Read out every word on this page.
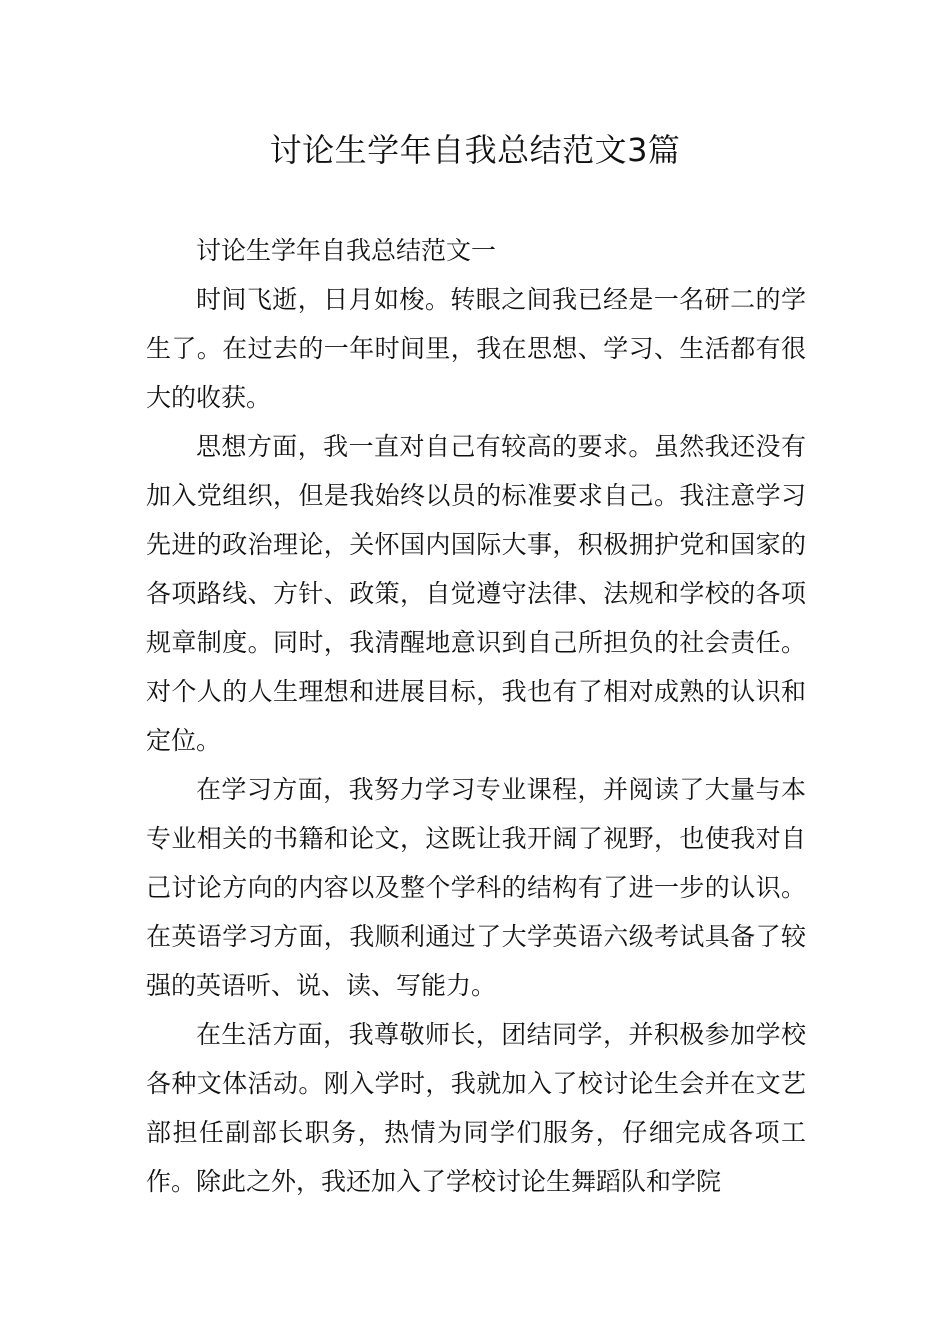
讨论生学年自我总结范文3篇

讨论生学年自我总结范文一

时间飞逝，日月如梭。转眼之间我已经是一名研二的学生了。在过去的一年时间里，我在思想、学习、生活都有很大的收获。

思想方面，我一直对自己有较高的要求。虽然我还没有加入党组织，但是我始终以员的标准要求自己。我注意学习先进的政治理论，关怀国内国际大事，积极拥护党和国家的各项路线、方针、政策，自觉遵守法律、法规和学校的各项规章制度。同时，我清醒地意识到自己所担负的社会责任。对个人的人生理想和进展目标，我也有了相对成熟的认识和定位。

在学习方面，我努力学习专业课程，并阅读了大量与本专业相关的书籍和论文，这既让我开阔了视野，也使我对自己讨论方向的内容以及整个学科的结构有了进一步的认识。在英语学习方面，我顺利通过了大学英语六级考试具备了较强的英语听、说、读、写能力。

在生活方面，我尊敬师长，团结同学，并积极参加学校各种文体活动。刚入学时，我就加入了校讨论生会并在文艺部担任副部长职务，热情为同学们服务，仔细完成各项工作。除此之外，我还加入了学校讨论生舞蹈队和学院
